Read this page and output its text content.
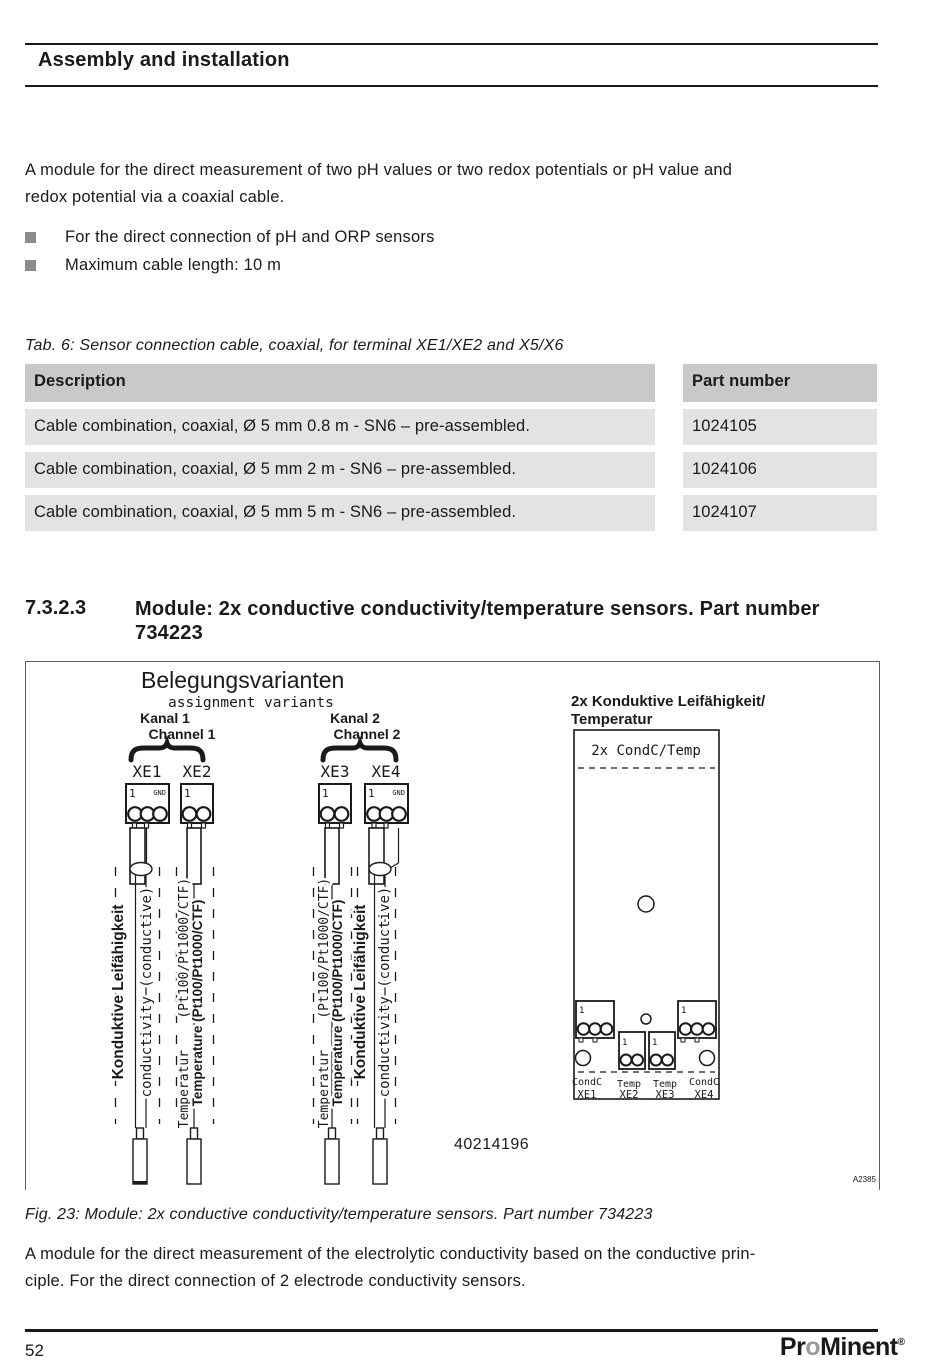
Assembly and installation
A module for the direct measurement of two pH values or two redox potentials or pH value and
redox potential via a coaxial cable.
For the direct connection of pH and ORP sensors
Maximum cable length: 10 m
Tab. 6: Sensor connection cable, coaxial, for terminal XE1/XE2 and X5/X6
Description	Part number
Cable combination, coaxial, Ø 5 mm 0.8 m - SN6 – pre-assembled.	1024105
Cable combination, coaxial, Ø 5 mm 2 m - SN6 – pre-assembled.	1024106
Cable combination, coaxial, Ø 5 mm 5 m - SN6 – pre-assembled.	1024107
7.3.2.3 Module: 2x conductive conductivity/temperature sensors. Part number
734223
Belegungsvarianten
assignment variants
Kanal 1
Channel 1
Kanal 2
Channel 2
XE1 XE2	XE3 XE4
1	GND 1	1	1	GND
Konduktive Leifähigkeit conductivity (conductive) Temperatur    (Pt100/Pt1000/CTF)
Temperature (Pt100/Pt1000/CTF)	Temperatur    (Pt100/Pt1000/CTF)
Temperature (Pt100/Pt1000/CTF) Konduktive Leifähigkeit conductivity (conductive)
2x Konduktive Leifähigkeit/
Temperatur
2x CondC/Temp
1	1
1	1
CondC Temp Temp CondC
XE1 XE2 XE3 XE4
40214196
A2385
Fig. 23: Module: 2x conductive conductivity/temperature sensors. Part number 734223
A module for the direct measurement of the electrolytic conductivity based on the conductive prin-
ciple. For the direct connection of 2 electrode conductivity sensors.
52	ProMinent®
